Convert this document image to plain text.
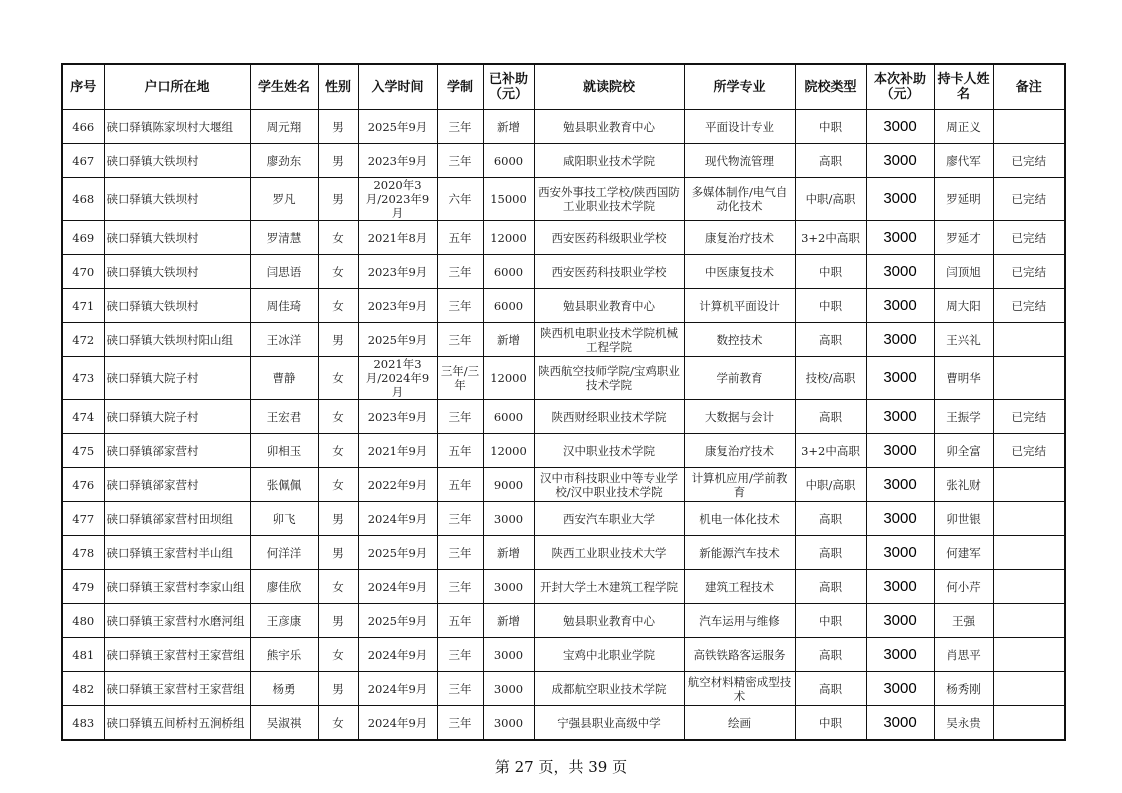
序号	户口所在地	学生姓名	性别	入学时间	学制	已补助（元）	就读院校	所学专业	院校类型	本次补助（元）	持卡人姓名	备注
466	硖口驿镇陈家坝村大堰组	周元翔	男	2025年9月	三年	新增	勉县职业教育中心	平面设计专业	中职	3000	周正义	
467	硖口驿镇大铁坝村	廖劲东	男	2023年9月	三年	6000	咸阳职业技术学院	现代物流管理	高职	3000	廖代军	已完结
468	硖口驿镇大铁坝村	罗凡	男	2020年3月/2023年9月	六年	15000	西安外事技工学校/陕西国防工业职业技术学院	多媒体制作/电气自动化技术	中职/高职	3000	罗延明	已完结
469	硖口驿镇大铁坝村	罗清慧	女	2021年8月	五年	12000	西安医药科级职业学校	康复治疗技术	3+2中高职	3000	罗延才	已完结
470	硖口驿镇大铁坝村	闫思语	女	2023年9月	三年	6000	西安医药科技职业学校	中医康复技术	中职	3000	闫顶旭	已完结
471	硖口驿镇大铁坝村	周佳琦	女	2023年9月	三年	6000	勉县职业教育中心	计算机平面设计	中职	3000	周大阳	已完结
472	硖口驿镇大铁坝村阳山组	王冰洋	男	2025年9月	三年	新增	陕西机电职业技术学院机械工程学院	数控技术	高职	3000	王兴礼	
473	硖口驿镇大院子村	曹静	女	2021年3月/2024年9月	三年/三年	12000	陕西航空技师学院/宝鸡职业技术学院	学前教育	技校/高职	3000	曹明华	
474	硖口驿镇大院子村	王宏君	女	2023年9月	三年	6000	陕西财经职业技术学院	大数据与会计	高职	3000	王振学	已完结
475	硖口驿镇郤家营村	卯相玉	女	2021年9月	五年	12000	汉中职业技术学院	康复治疗技术	3+2中高职	3000	卯全富	已完结
476	硖口驿镇郤家营村	张佩佩	女	2022年9月	五年	9000	汉中市科技职业中等专业学校/汉中职业技术学院	计算机应用/学前教育	中职/高职	3000	张礼财	
477	硖口驿镇郤家营村田坝组	卯飞	男	2024年9月	三年	3000	西安汽车职业大学	机电一体化技术	高职	3000	卯世银	
478	硖口驿镇王家营村半山组	何洋洋	男	2025年9月	三年	新增	陕西工业职业技术大学	新能源汽车技术	高职	3000	何建军	
479	硖口驿镇王家营村李家山组	廖佳欣	女	2024年9月	三年	3000	开封大学土木建筑工程学院	建筑工程技术	高职	3000	何小芹	
480	硖口驿镇王家营村水磨河组	王彦康	男	2025年9月	五年	新增	勉县职业教育中心	汽车运用与维修	中职	3000	王强	
481	硖口驿镇王家营村王家营组	熊宇乐	女	2024年9月	三年	3000	宝鸡中北职业学院	高铁铁路客运服务	高职	3000	肖思平	
482	硖口驿镇王家营村王家营组	杨勇	男	2024年9月	三年	3000	成都航空职业技术学院	航空材料精密成型技术	高职	3000	杨秀刚	
483	硖口驿镇五间桥村五涧桥组	吴淑祺	女	2024年9月	三年	3000	宁强县职业高级中学	绘画	中职	3000	吴永贵	
第 27 页，共 39 页
